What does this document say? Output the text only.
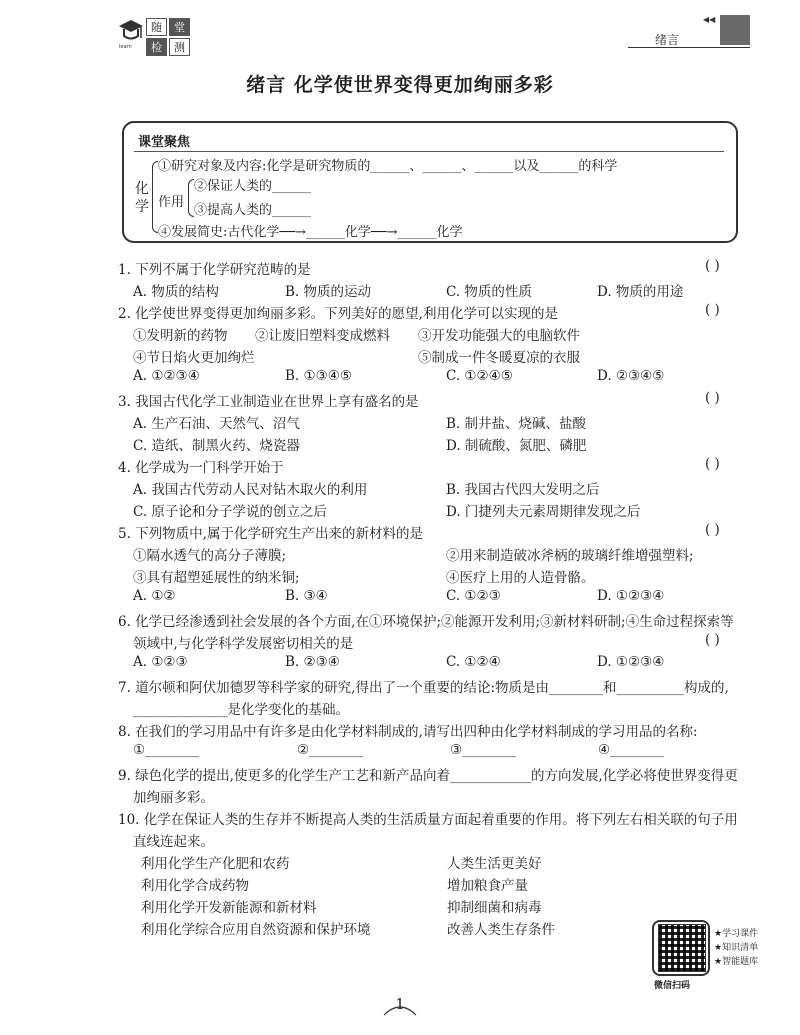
learn
随	堂
检	测
◀◀
绪言
绪言 化学使世界变得更加绚丽多彩
课堂聚焦
化
学
①研究对象及内容:化学是研究物质的______、______、______以及______的科学
作用
②保证人类的______
③提高人类的______
④发展简史:古代化学──→______化学──→______化学
1. 下列不属于化学研究范畴的是	( )
A. 物质的结构	B. 物质的运动	C. 物质的性质	D. 物质的用途
2. 化学使世界变得更加绚丽多彩。下列美好的愿望,利用化学可以实现的是	( )
①发明新的药物 ②让废旧塑料变成燃料 ③开发功能强大的电脑软件
④节日焰火更加绚烂	⑤制成一件冬暖夏凉的衣服
A. ①②③④	B. ①③④⑤	C. ①②④⑤	D. ②③④⑤
3. 我国古代化学工业制造业在世界上享有盛名的是	( )
A. 生产石油、天然气、沼气	B. 制井盐、烧碱、盐酸
C. 造纸、制黑火药、烧瓷器	D. 制硫酸、氮肥、磷肥
4. 化学成为一门科学开始于	( )
A. 我国古代劳动人民对钻木取火的利用	B. 我国古代四大发明之后
C. 原子论和分子学说的创立之后	D. 门捷列夫元素周期律发现之后
5. 下列物质中,属于化学研究生产出来的新材料的是	( )
①隔水透气的高分子薄膜;	②用来制造破冰斧柄的玻璃纤维增强塑料;
③具有超塑延展性的纳米铜;	④医疗上用的人造骨骼。
A. ①②	B. ③④	C. ①②③	D. ①②③④
6. 化学已经渗透到社会发展的各个方面,在①环境保护;②能源开发利用;③新材料研制;④生命过程探索等
领域中,与化学科学发展密切相关的是	( )
A. ①②③	B. ②③④	C. ①②④	D. ①②③④
7. 道尔顿和阿伏加德罗等科学家的研究,得出了一个重要的结论:物质是由________和__________构成的,
______________是化学变化的基础。
8. 在我们的学习用品中有许多是由化学材料制成的,请写出四种由化学材料制成的学习用品的名称:
①________	②________	③________	④________
9. 绿色化学的提出,使更多的化学生产工艺和新产品向着____________的方向发展,化学必将使世界变得更
加绚丽多彩。
10. 化学在保证人类的生存并不断提高人类的生活质量方面起着重要的作用。将下列左右相关联的句子用
直线连起来。
利用化学生产化肥和农药	人类生活更美好
利用化学合成药物	增加粮食产量
利用化学开发新能源和新材料	抑制细菌和病毒
利用化学综合应用自然资源和保护环境	改善人类生存条件	★学习课件
★知识清单
★智能题库
微信扫码
1
